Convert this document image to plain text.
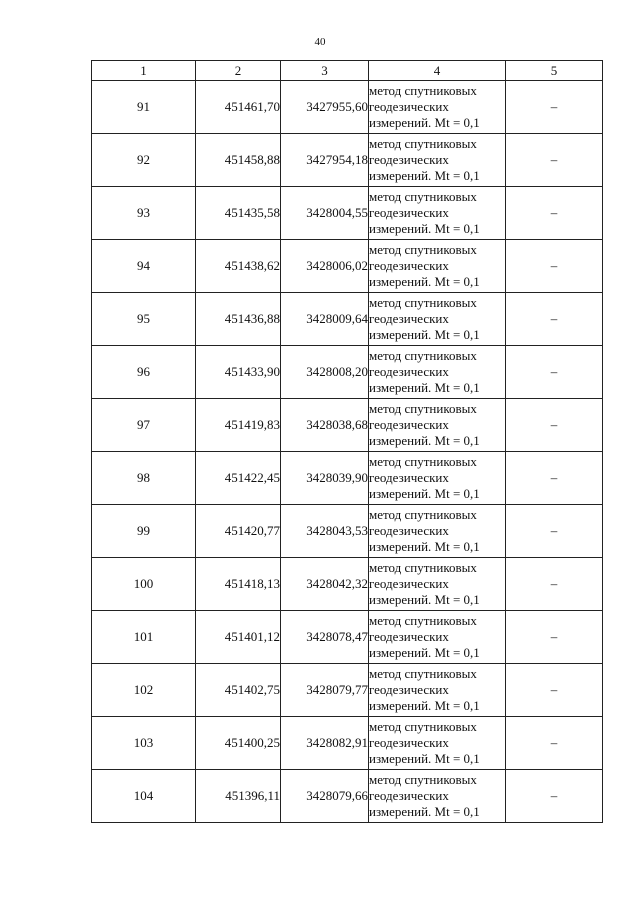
40
1	2	3	4	5
91	451461,70	3427955,60	метод спутниковых
геодезических
измерений. Mt = 0,1	–
92	451458,88	3427954,18	метод спутниковых
геодезических
измерений. Mt = 0,1	–
93	451435,58	3428004,55	метод спутниковых
геодезических
измерений. Mt = 0,1	–
94	451438,62	3428006,02	метод спутниковых
геодезических
измерений. Mt = 0,1	–
95	451436,88	3428009,64	метод спутниковых
геодезических
измерений. Mt = 0,1	–
96	451433,90	3428008,20	метод спутниковых
геодезических
измерений. Mt = 0,1	–
97	451419,83	3428038,68	метод спутниковых
геодезических
измерений. Mt = 0,1	–
98	451422,45	3428039,90	метод спутниковых
геодезических
измерений. Mt = 0,1	–
99	451420,77	3428043,53	метод спутниковых
геодезических
измерений. Mt = 0,1	–
100	451418,13	3428042,32	метод спутниковых
геодезических
измерений. Mt = 0,1	–
101	451401,12	3428078,47	метод спутниковых
геодезических
измерений. Mt = 0,1	–
102	451402,75	3428079,77	метод спутниковых
геодезических
измерений. Mt = 0,1	–
103	451400,25	3428082,91	метод спутниковых
геодезических
измерений. Mt = 0,1	–
104	451396,11	3428079,66	метод спутниковых
геодезических
измерений. Mt = 0,1	–
